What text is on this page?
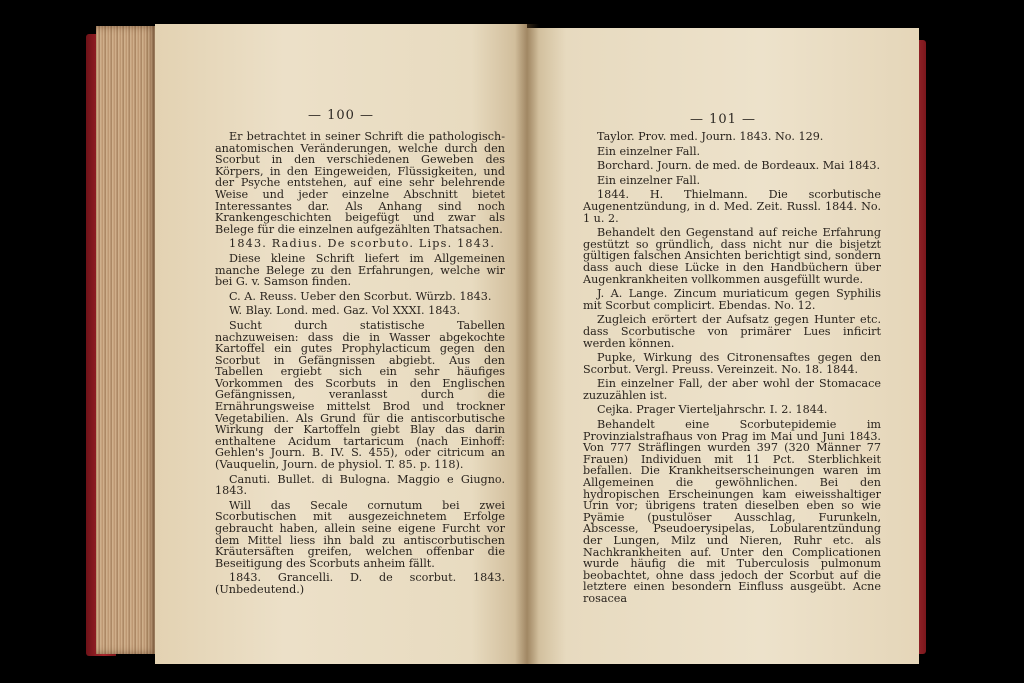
— 100 —

Er betrachtet in seiner Schrift die pathologisch-anatomischen Veränderungen, welche durch den Scorbut in den verschiedenen Geweben des Körpers, in den Eingeweiden, Flüssigkeiten, und der Psyche entstehen, auf eine sehr belehrende Weise und jeder einzelne Abschnitt bietet Interessantes dar. Als Anhang sind noch Krankengeschichten beigefügt und zwar als Belege für die einzelnen aufgezählten Thatsachen.

1843. Radius. De scorbuto. Lips. 1843.

Diese kleine Schrift liefert im Allgemeinen manche Belege zu den Erfahrungen, welche wir bei G. v. Samson finden.

C. A. Reuss. Ueber den Scorbut. Würzb. 1843.

W. Blay. Lond. med. Gaz. Vol XXXI. 1843.

Sucht durch statistische Tabellen nachzuweisen: dass die in Wasser abgekochte Kartoffel ein gutes Prophylacticum gegen den Scorbut in Gefängnissen abgiebt. Aus den Tabellen ergiebt sich ein sehr häufiges Vorkommen des Scorbuts in den Englischen Gefängnissen, veranlasst durch die Ernährungsweise mittelst Brod und trockner Vegetabilien. Als Grund für die antiscorbutische Wirkung der Kartoffeln giebt Blay das darin enthaltene Acidum tartaricum (nach Einhoff: Gehlen's Journ. B. IV. S. 455), oder citricum an (Vauquelin, Journ. de physiol. T. 85. p. 118).

Canuti. Bullet. di Bulogna. Maggio e Giugno. 1843.

Will das Secale cornutum bei zwei Scorbutischen mit ausgezeichnetem Erfolge gebraucht haben, allein seine eigene Furcht vor dem Mittel liess ihn bald zu antiscorbutischen Kräutersäften greifen, welchen offenbar die Beseitigung des Scorbuts anheim fällt.

1843. Grancelli. D. de scorbut. 1843. (Unbedeutend.)

— 101 —

Taylor. Prov. med. Journ. 1843. No. 129.

Ein einzelner Fall.

Borchard. Journ. de med. de Bordeaux. Mai 1843.

Ein einzelner Fall.

1844. H. Thielmann. Die scorbutische Augenentzündung, in d. Med. Zeit. Russl. 1844. No. 1 u. 2.

Behandelt den Gegenstand auf reiche Erfahrung gestützt so gründlich, dass nicht nur die bisjetzt gültigen falschen Ansichten berichtigt sind, sondern dass auch diese Lücke in den Handbüchern über Augenkrankheiten vollkommen ausgefüllt wurde.

J. A. Lange. Zincum muriaticum gegen Syphilis mit Scorbut complicirt. Ebendas. No. 12.

Zugleich erörtert der Aufsatz gegen Hunter etc. dass Scorbutische von primärer Lues inficirt werden können.

Pupke, Wirkung des Citronensaftes gegen den Scorbut. Vergl. Preuss. Vereinzeit. No. 18. 1844.

Ein einzelner Fall, der aber wohl der Stomacace zuzuzählen ist.

Cejka. Prager Vierteljahrschr. I. 2. 1844.

Behandelt eine Scorbutepidemie im Provinzialstrafhaus von Prag im Mai und Juni 1843. Von 777 Sträflingen wurden 397 (320 Männer 77 Frauen) Individuen mit 11 Pct. Sterblichkeit befallen. Die Krankheitserscheinungen waren im Allgemeinen die gewöhnlichen. Bei den hydropischen Erscheinungen kam eiweisshaltiger Urin vor; übrigens traten dieselben eben so wie Pyämie (pustulöser Ausschlag, Furunkeln, Abscesse, Pseudoerysipelas, Lobularentzündung der Lungen, Milz und Nieren, Ruhr etc. als Nachkrankheiten auf. Unter den Complicationen wurde häufig die mit Tuberculosis pulmonum beobachtet, ohne dass jedoch der Scorbut auf die letztere einen besondern Einfluss ausgeübt. Acne rosacea
